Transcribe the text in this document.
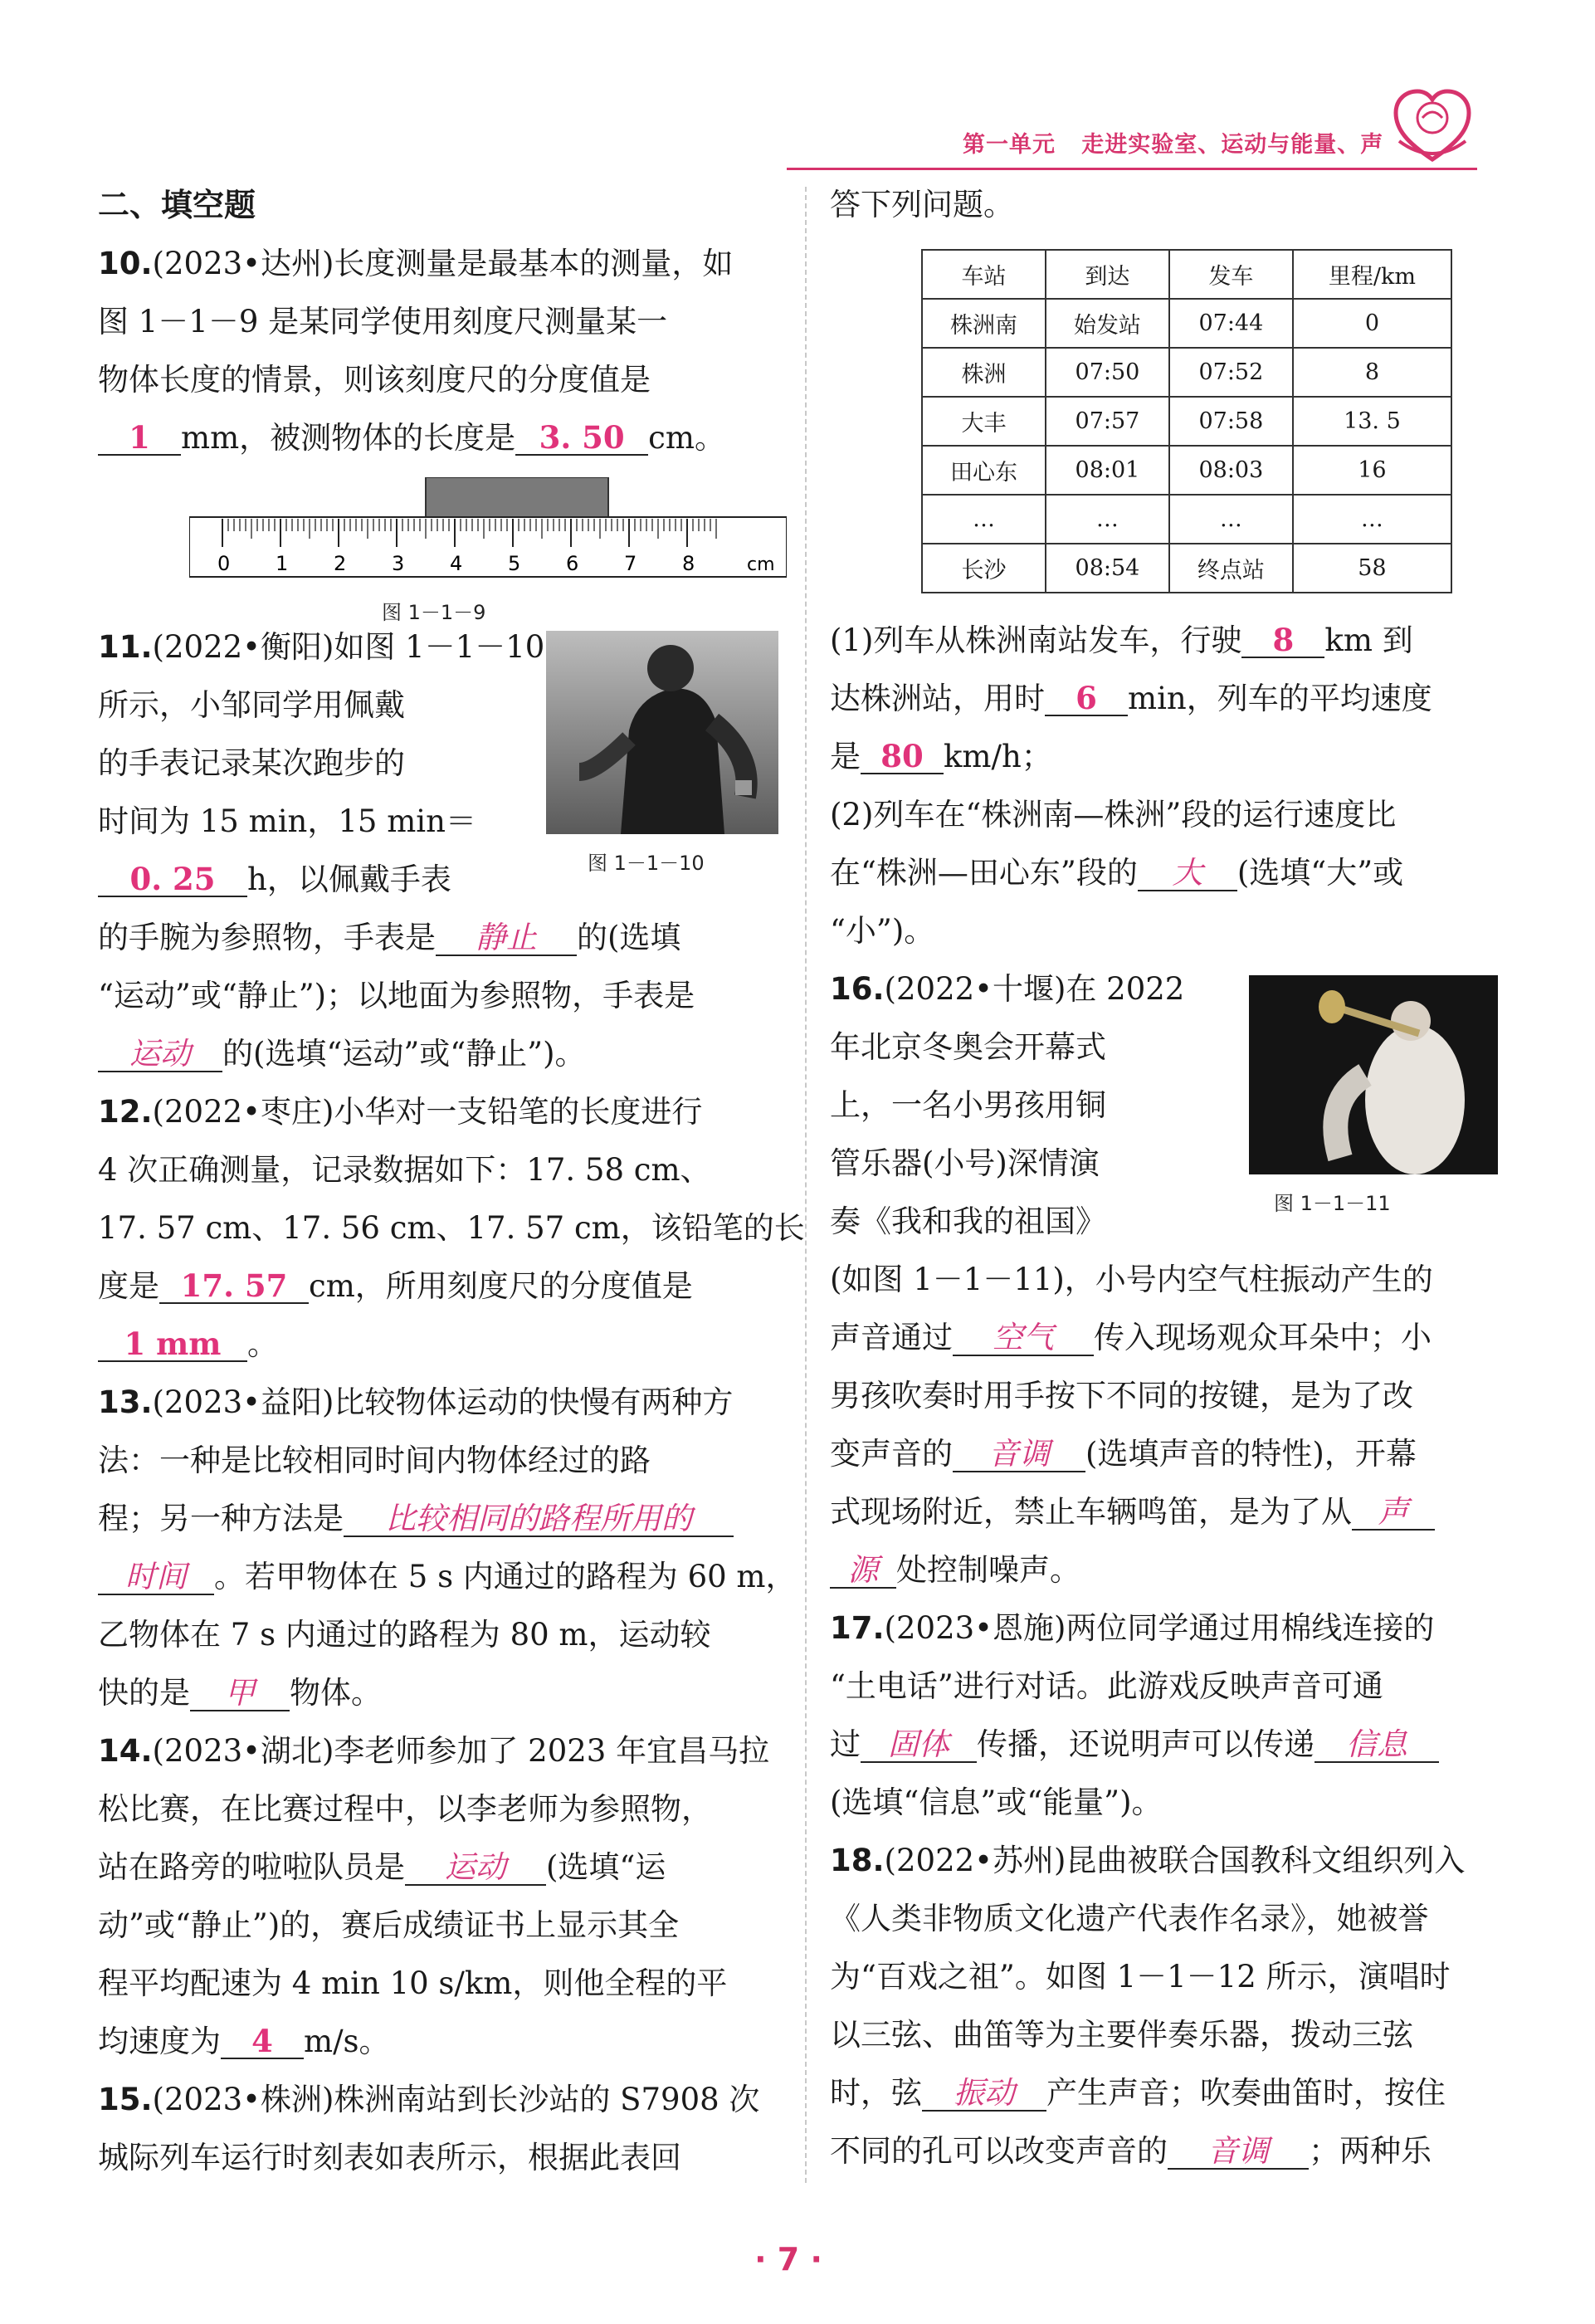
第一单元 走进实验室、运动与能量、声
二、填空题
10.(2023•达州)长度测量是最基本的测量，如
图 1－1－9 是某同学使用刻度尺测量某一
物体长度的情景，则该刻度尺的分度值是
1 mm，被测物体的长度是 3. 50 cm。
0 1 2 3 4 5 6 7 8	cm
图 1－1－9
11.(2022•衡阳)如图 1－1－10
所示，小邹同学用佩戴
的手表记录某次跑步的
时间为 15 min，15 min＝
0. 25 h，以佩戴手表	图 1－1－10
的手腕为参照物，手表是 静止 的(选填
“运动”或“静止”)；以地面为参照物，手表是
运动 的(选填“运动”或“静止”)。
12.(2022•枣庄)小华对一支铅笔的长度进行
4 次正确测量，记录数据如下：17. 58 cm、
17. 57 cm、17. 56 cm、17. 57 cm，该铅笔的长
度是 17. 57 cm，所用刻度尺的分度值是
1 mm 。
13.(2023•益阳)比较物体运动的快慢有两种方
法：一种是比较相同时间内物体经过的路
程；另一种方法是 比较相同的路程所用的
时间 。若甲物体在 5 s 内通过的路程为 60 m，
乙物体在 7 s 内通过的路程为 80 m，运动较
快的是 甲 物体。
14.(2023•湖北)李老师参加了 2023 年宜昌马拉
松比赛，在比赛过程中，以李老师为参照物，
站在路旁的啦啦队员是 运动 (选填“运
动”或“静止”)的，赛后成绩证书上显示其全
程平均配速为 4 min 10 s/km，则他全程的平
均速度为 4 m/s。
15.(2023•株洲)株洲南站到长沙站的 S7908 次
城际列车运行时刻表如表所示，根据此表回
答下列问题。
车站	到达	发车	里程/km
株洲南	始发站	07:44	0
株洲	07:50	07:52	8
大丰	07:57	07:58	13. 5
田心东	08:01	08:03	16
…	…	…	…
长沙	08:54	终点站	58
(1)列车从株洲南站发车，行驶 8 km 到
达株洲站，用时 6 min，列车的平均速度
是 80 km/h；
(2)列车在“株洲南—株洲”段的运行速度比
在“株洲—田心东”段的 大 (选填“大”或
“小”)。
16.(2022•十堰)在 2022
年北京冬奥会开幕式
上，一名小男孩用铜
管乐器(小号)深情演
奏《我和我的祖国》	图 1－1－11
(如图 1－1－11)，小号内空气柱振动产生的
声音通过 空气 传入现场观众耳朵中；小
男孩吹奏时用手按下不同的按键，是为了改
变声音的 音调 (选填声音的特性)，开幕
式现场附近，禁止车辆鸣笛，是为了从 声
源 处控制噪声。
17.(2023•恩施)两位同学通过用棉线连接的
“土电话”进行对话。此游戏反映声音可通
过 固体 传播，还说明声可以传递 信息
(选填“信息”或“能量”)。
18.(2022•苏州)昆曲被联合国教科文组织列入
《人类非物质文化遗产代表作名录》，她被誉
为“百戏之祖”。如图 1－1－12 所示，演唱时
以三弦、曲笛等为主要伴奏乐器，拨动三弦
时，弦 振动 产生声音；吹奏曲笛时，按住
不同的孔可以改变声音的 音调 ；两种乐
· 7 ·
